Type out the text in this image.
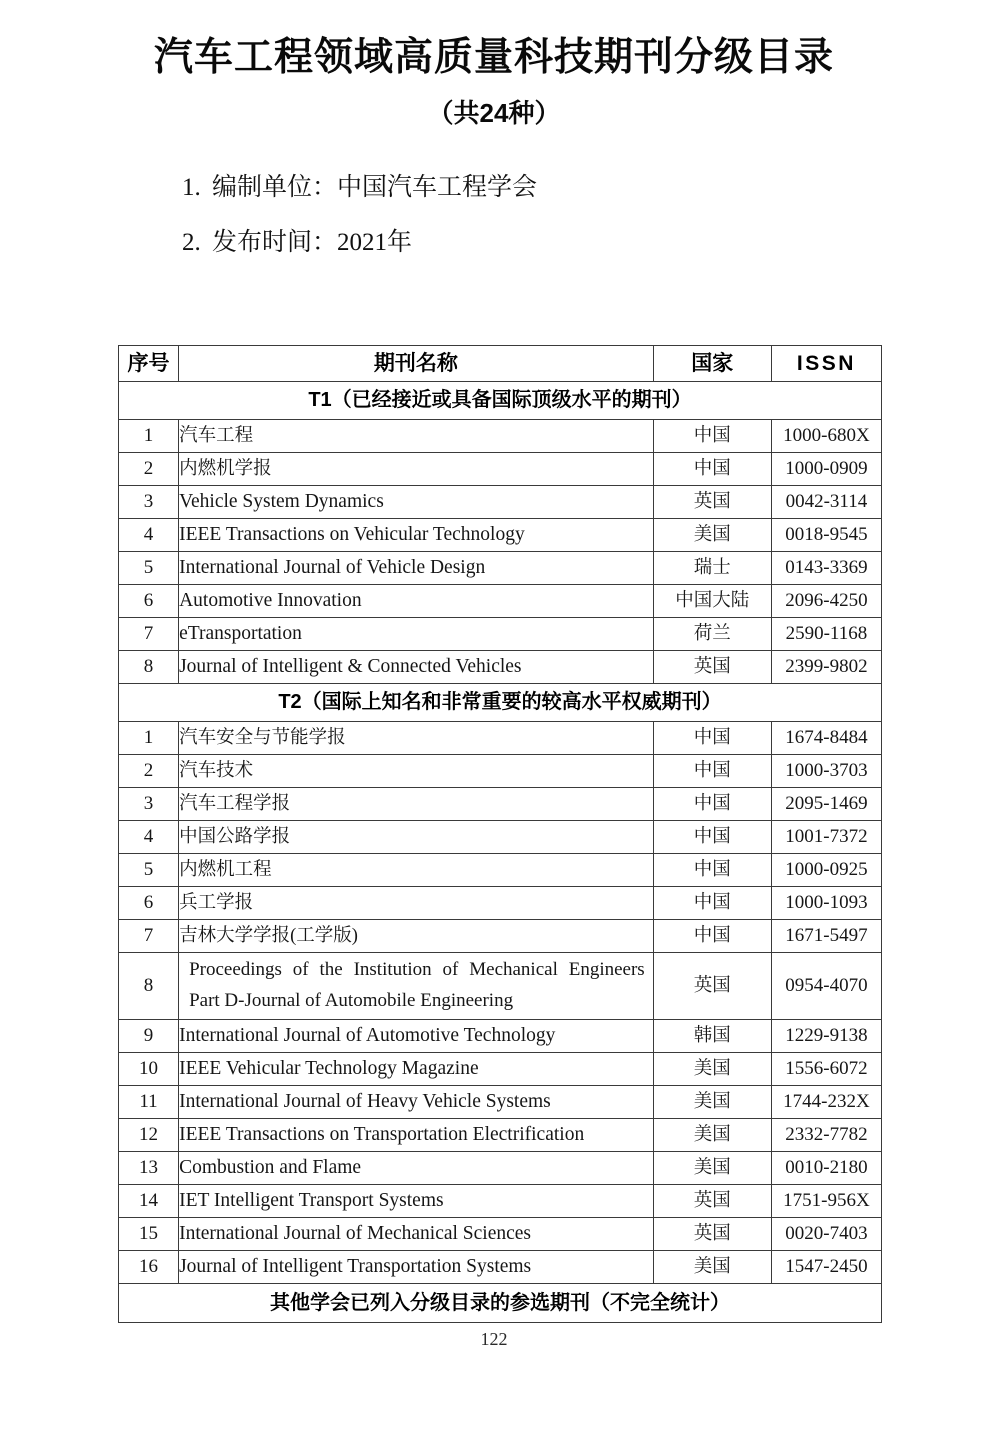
汽车工程领域高质量科技期刊分级目录
（共24种）
1. 编制单位：中国汽车工程学会
2. 发布时间：2021年
序号	期刊名称	国家	ISSN
T1（已经接近或具备国际顶级水平的期刊）			
1	汽车工程	中国	1000-680X
2	内燃机学报	中国	1000-0909
3	Vehicle System Dynamics	英国	0042-3114
4	IEEE Transactions on Vehicular Technology	美国	0018-9545
5	International Journal of Vehicle Design	瑞士	0143-3369
6	Automotive Innovation	中国大陆	2096-4250
7	eTransportation	荷兰	2590-1168
8	Journal of Intelligent & Connected Vehicles	英国	2399-9802
T2（国际上知名和非常重要的较高水平权威期刊）			
1	汽车安全与节能学报	中国	1674-8484
2	汽车技术	中国	1000-3703
3	汽车工程学报	中国	2095-1469
4	中国公路学报	中国	1001-7372
5	内燃机工程	中国	1000-0925
6	兵工学报	中国	1000-1093
7	吉林大学学报(工学版)	中国	1671-5497
8	Proceedings of the Institution of Mechanical Engineers
Part D-Journal of Automobile Engineering	英国	0954-4070
9	International Journal of Automotive Technology	韩国	1229-9138
10	IEEE Vehicular Technology Magazine	美国	1556-6072
11	International Journal of Heavy Vehicle Systems	美国	1744-232X
12	IEEE Transactions on Transportation Electrification	美国	2332-7782
13	Combustion and Flame	美国	0010-2180
14	IET Intelligent Transport Systems	英国	1751-956X
15	International Journal of Mechanical Sciences	英国	0020-7403
16	Journal of Intelligent Transportation Systems	美国	1547-2450
其他学会已列入分级目录的参选期刊（不完全统计）			
122
